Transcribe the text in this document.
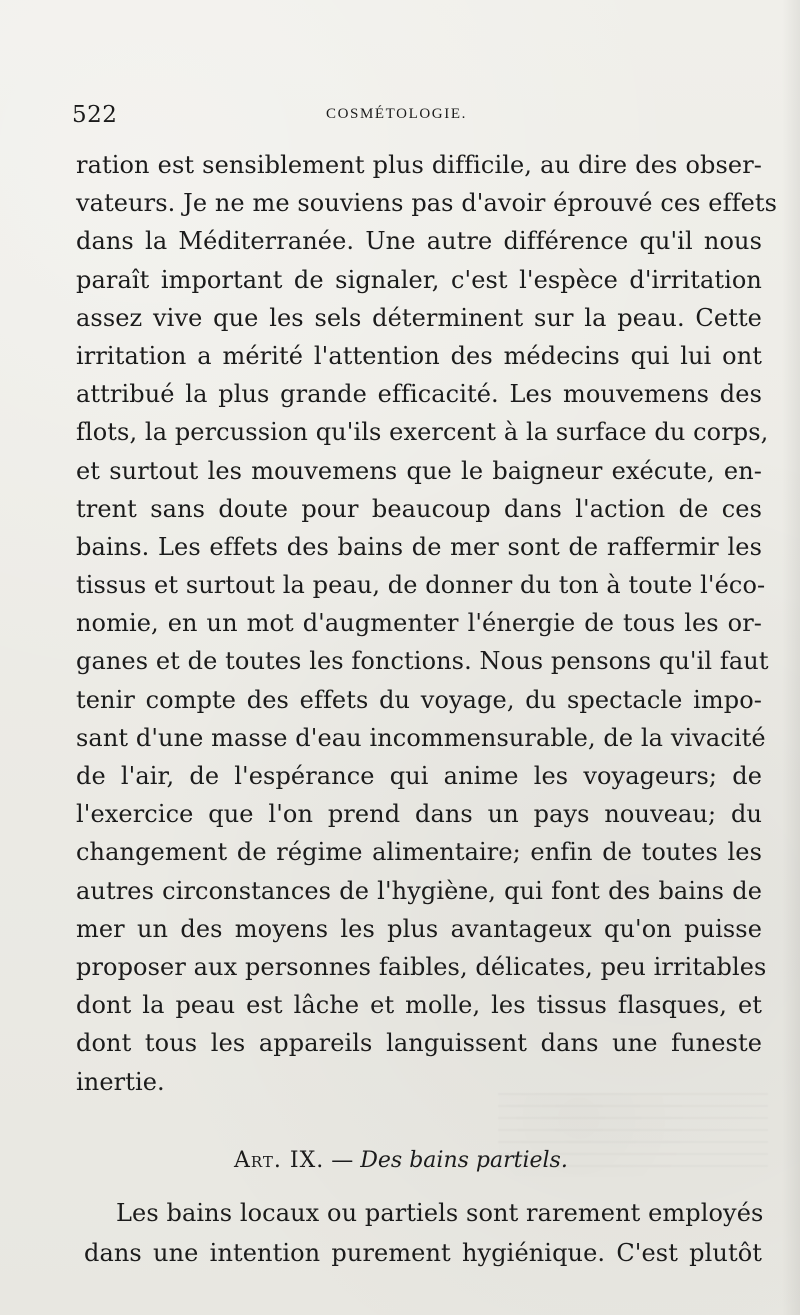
522	COSMÉTOLOGIE.
ration est sensiblement plus difficile, au dire des obser-
vateurs. Je ne me souviens pas d'avoir éprouvé ces effets
dans la Méditerranée. Une autre différence qu'il nous
paraît important de signaler, c'est l'espèce d'irritation
assez vive que les sels déterminent sur la peau. Cette
irritation a mérité l'attention des médecins qui lui ont
attribué la plus grande efficacité. Les mouvemens des
flots, la percussion qu'ils exercent à la surface du corps,
et surtout les mouvemens que le baigneur exécute, en-
trent sans doute pour beaucoup dans l'action de ces
bains. Les effets des bains de mer sont de raffermir les
tissus et surtout la peau, de donner du ton à toute l'éco-
nomie, en un mot d'augmenter l'énergie de tous les or-
ganes et de toutes les fonctions. Nous pensons qu'il faut
tenir compte des effets du voyage, du spectacle impo-
sant d'une masse d'eau incommensurable, de la vivacité
de l'air, de l'espérance qui anime les voyageurs; de
l'exercice que l'on prend dans un pays nouveau; du
changement de régime alimentaire; enfin de toutes les
autres circonstances de l'hygiène, qui font des bains de
mer un des moyens les plus avantageux qu'on puisse
proposer aux personnes faibles, délicates, peu irritables
dont la peau est lâche et molle, les tissus flasques, et
dont tous les appareils languissent dans une funeste
inertie.
Art. IX. — Des bains partiels.
Les bains locaux ou partiels sont rarement employés
dans une intention purement hygiénique. C'est plutôt
